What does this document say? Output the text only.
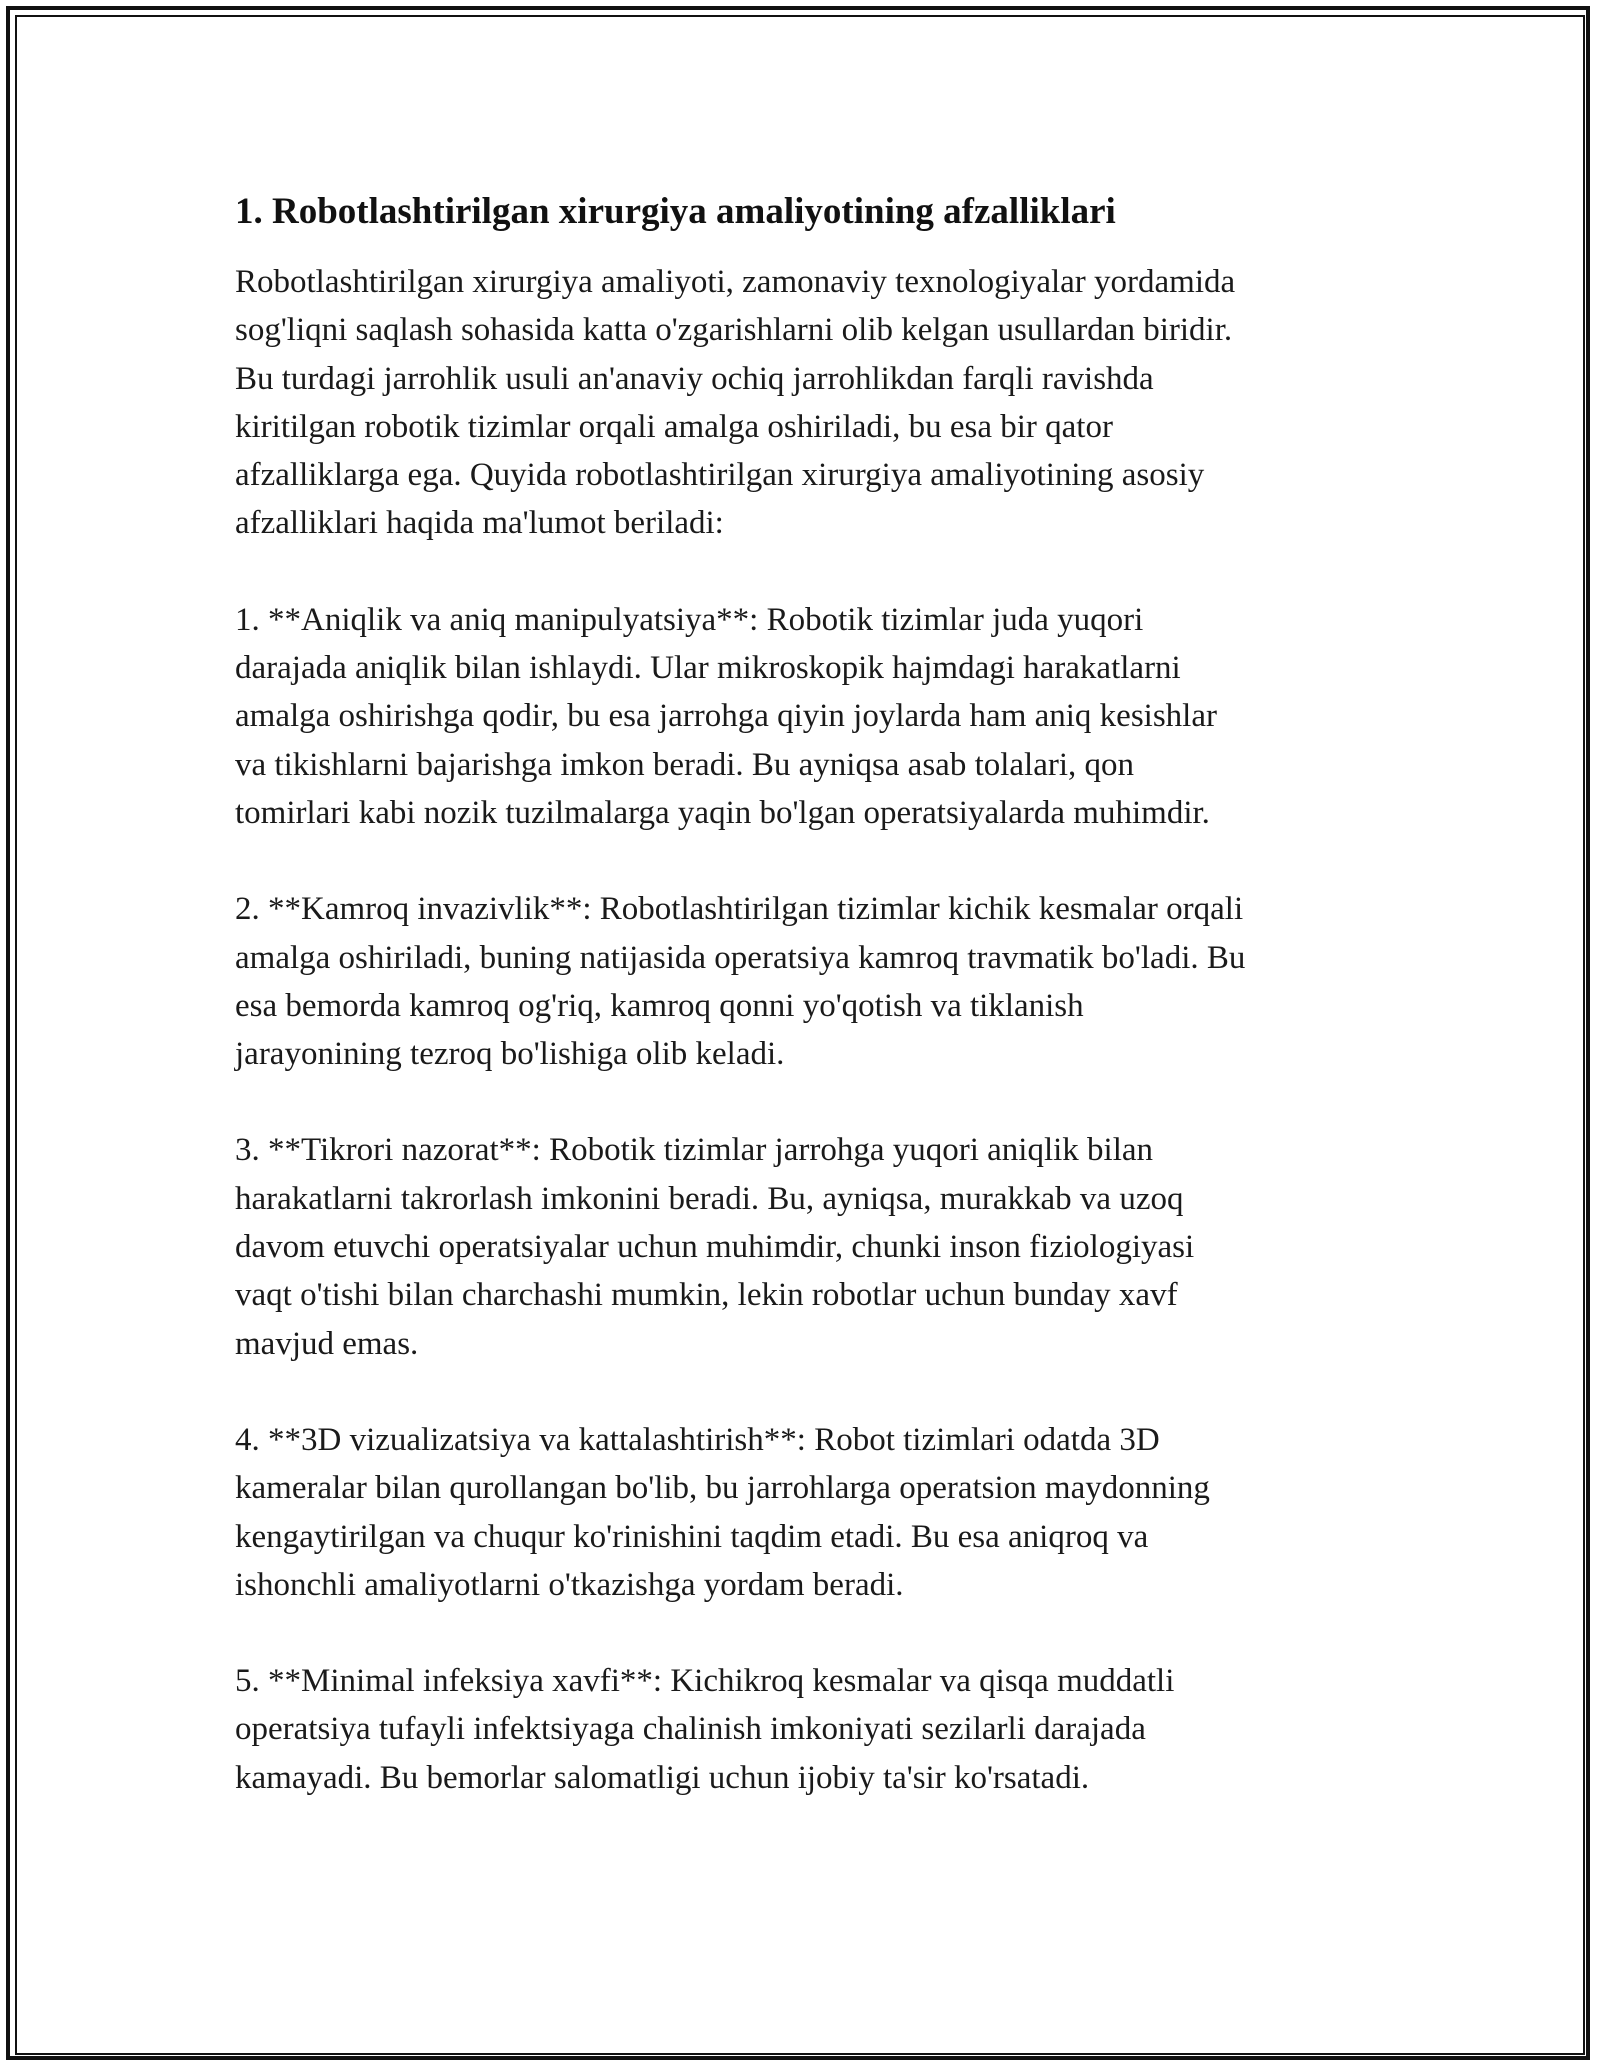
1. Robotlashtirilgan xirurgiya amaliyotining afzalliklari

Robotlashtirilgan xirurgiya amaliyoti, zamonaviy texnologiyalar yordamida
sog'liqni saqlash sohasida katta o'zgarishlarni olib kelgan usullardan biridir.
Bu turdagi jarrohlik usuli an'anaviy ochiq jarrohlikdan farqli ravishda
kiritilgan robotik tizimlar orqali amalga oshiriladi, bu esa bir qator
afzalliklarga ega. Quyida robotlashtirilgan xirurgiya amaliyotining asosiy
afzalliklari haqida ma'lumot beriladi:

1. **Aniqlik va aniq manipulyatsiya**: Robotik tizimlar juda yuqori
darajada aniqlik bilan ishlaydi. Ular mikroskopik hajmdagi harakatlarni
amalga oshirishga qodir, bu esa jarrohga qiyin joylarda ham aniq kesishlar
va tikishlarni bajarishga imkon beradi. Bu ayniqsa asab tolalari, qon
tomirlari kabi nozik tuzilmalarga yaqin bo'lgan operatsiyalarda muhimdir.

2. **Kamroq invazivlik**: Robotlashtirilgan tizimlar kichik kesmalar orqali
amalga oshiriladi, buning natijasida operatsiya kamroq travmatik bo'ladi. Bu
esa bemorda kamroq og'riq, kamroq qonni yo'qotish va tiklanish
jarayonining tezroq bo'lishiga olib keladi.

3. **Tikrori nazorat**: Robotik tizimlar jarrohga yuqori aniqlik bilan
harakatlarni takrorlash imkonini beradi. Bu, ayniqsa, murakkab va uzoq
davom etuvchi operatsiyalar uchun muhimdir, chunki inson fiziologiyasi
vaqt o'tishi bilan charchashi mumkin, lekin robotlar uchun bunday xavf
mavjud emas.

4. **3D vizualizatsiya va kattalashtirish**: Robot tizimlari odatda 3D
kameralar bilan qurollangan bo'lib, bu jarrohlarga operatsion maydonning
kengaytirilgan va chuqur ko'rinishini taqdim etadi. Bu esa aniqroq va
ishonchli amaliyotlarni o'tkazishga yordam beradi.

5. **Minimal infeksiya xavfi**: Kichikroq kesmalar va qisqa muddatli
operatsiya tufayli infektsiyaga chalinish imkoniyati sezilarli darajada
kamayadi. Bu bemorlar salomatligi uchun ijobiy ta'sir ko'rsatadi.
